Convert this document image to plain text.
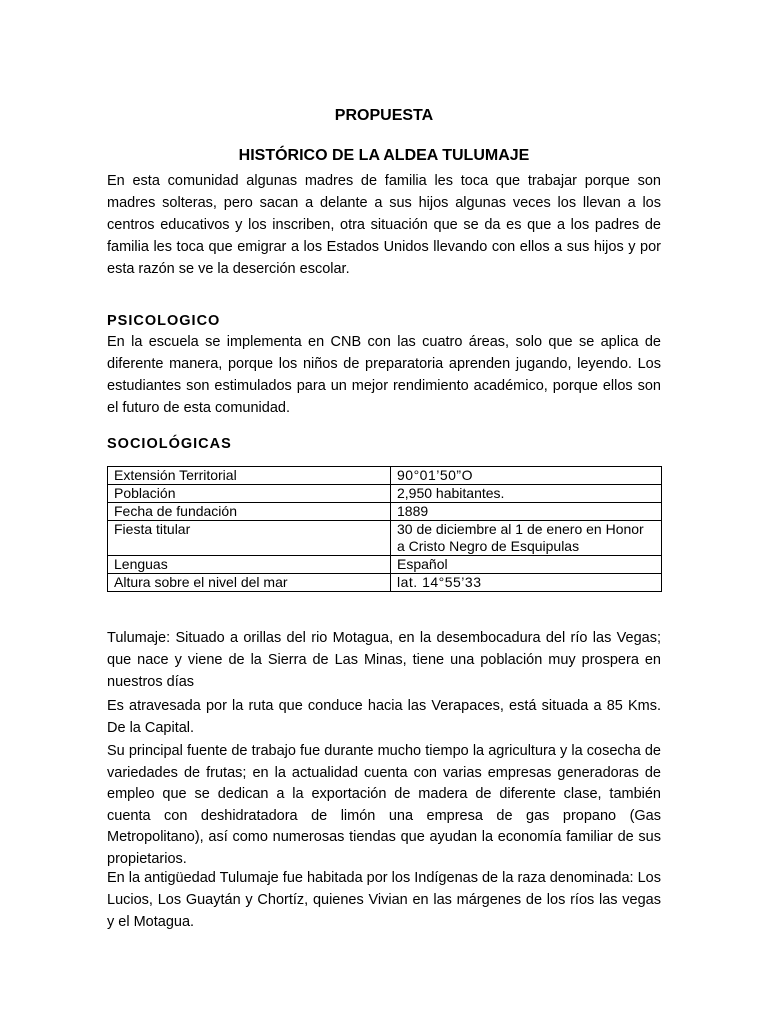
PROPUESTA
HISTÓRICO DE LA ALDEA TULUMAJE

En esta comunidad algunas madres de familia les toca que trabajar porque son madres solteras, pero sacan a delante a sus hijos algunas veces los llevan a los centros educativos y los inscriben, otra situación que se da es que a los padres de familia les toca que emigrar a los Estados Unidos llevando con ellos a sus hijos y por esta razón se ve la deserción escolar.

PSICOLOGICO

En la escuela se implementa en CNB con las cuatro áreas, solo que se aplica de diferente manera, porque los niños de preparatoria aprenden jugando, leyendo. Los estudiantes son estimulados para un mejor rendimiento académico, porque ellos son el futuro de esta comunidad.

SOCIOLÓGICAS
Extensión Territorial	90°01’50”O
Población	2,950 habitantes.
Fecha de fundación	1889
Fiesta titular	30 de diciembre al 1 de enero en Honor a Cristo Negro de Esquipulas
Lenguas	Español
Altura sobre el nivel del mar	lat. 14°55’33

Tulumaje: Situado a orillas del rio Motagua, en la desembocadura del río las Vegas; que nace y viene de la Sierra de Las Minas, tiene una población muy prospera en nuestros días

Es atravesada por la ruta que conduce hacia las Verapaces, está situada a 85 Kms. De la Capital.

Su principal fuente de trabajo fue durante mucho tiempo la agricultura y la cosecha de variedades de frutas; en la actualidad cuenta con varias empresas generadoras de empleo que se dedican a la exportación de madera de diferente clase, también cuenta con deshidratadora de limón una empresa de gas propano (Gas Metropolitano), así como numerosas tiendas que ayudan la economía familiar de sus propietarios.

En la antigüedad Tulumaje fue habitada por los Indígenas de la raza denominada: Los Lucios, Los Guaytán y Chortíz, quienes Vivian en las márgenes de los ríos las vegas y el Motagua.
